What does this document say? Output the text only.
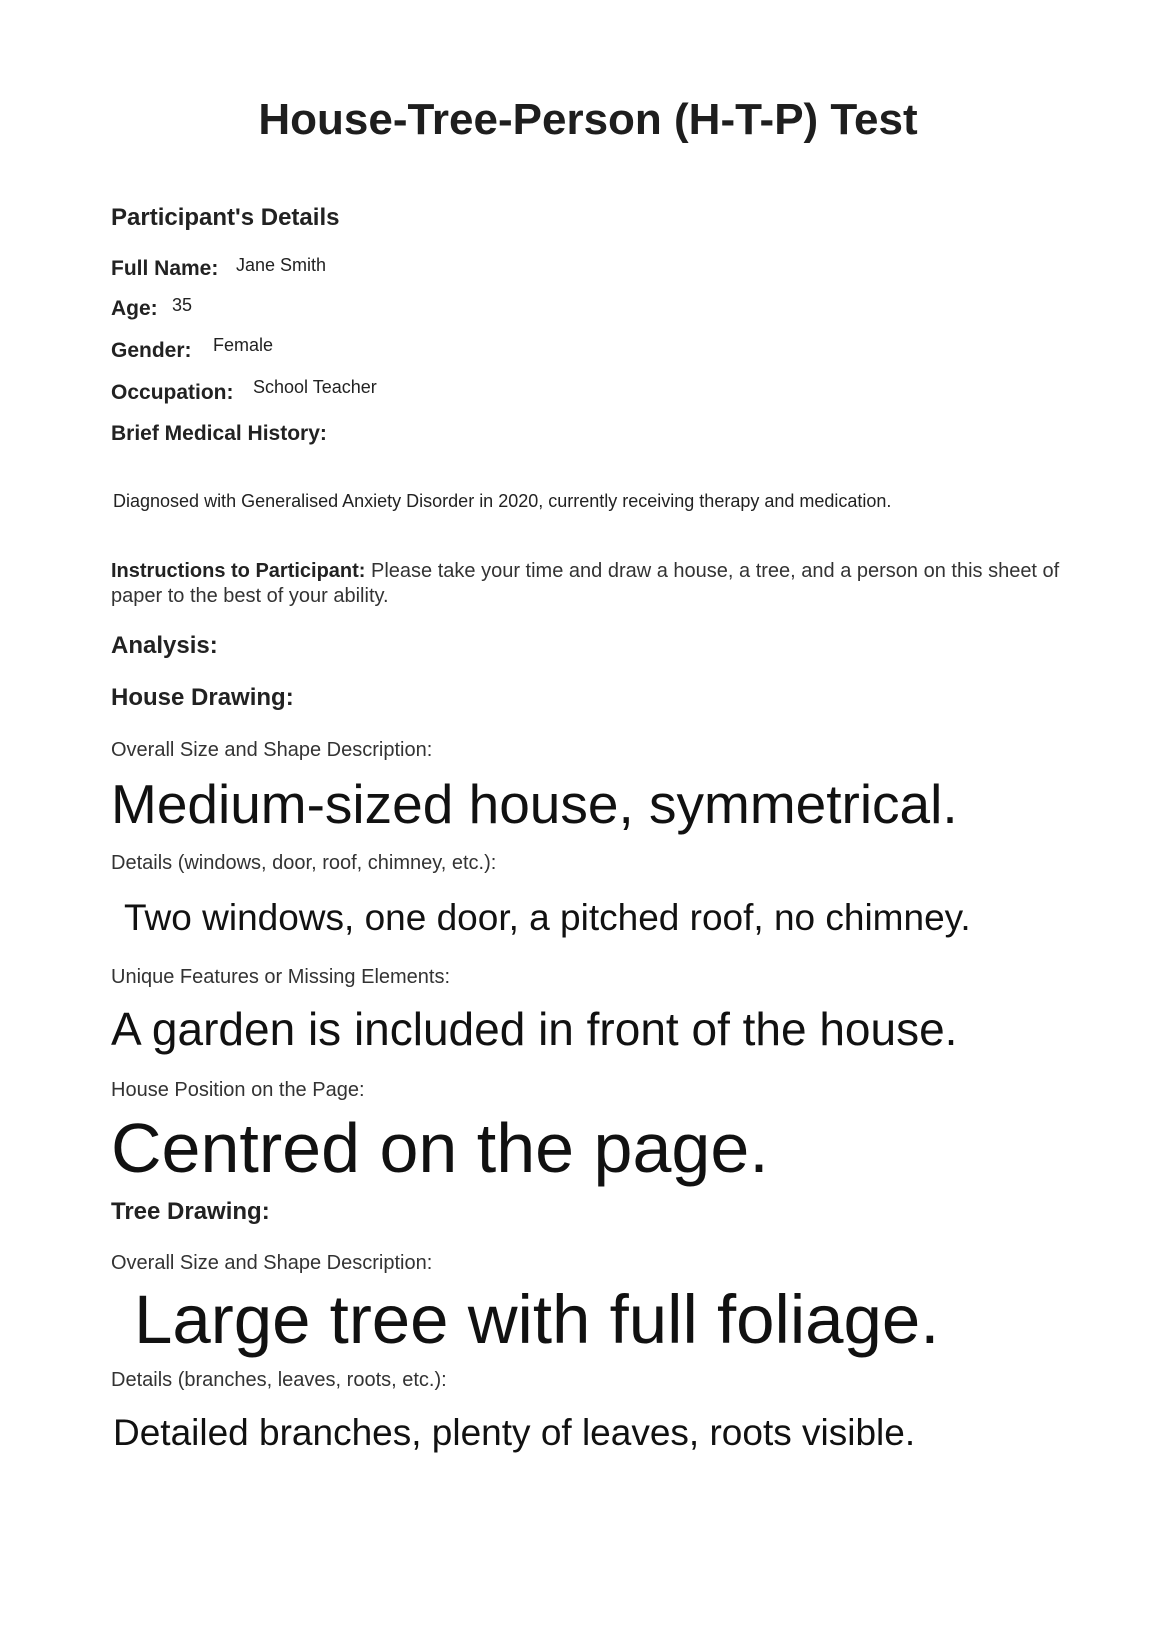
House-Tree-Person (H-T-P) Test
Participant's Details
Full Name: Jane Smith
Age: 35
Gender: Female
Occupation: School Teacher
Brief Medical History:
Diagnosed with Generalised Anxiety Disorder in 2020, currently receiving therapy and medication.
Instructions to Participant: Please take your time and draw a house, a tree, and a person on this sheet of paper to the best of your ability.
Analysis:
House Drawing:
Overall Size and Shape Description:
Medium-sized house, symmetrical.
Details (windows, door, roof, chimney, etc.):
Two windows, one door, a pitched roof, no chimney.
Unique Features or Missing Elements:
A garden is included in front of the house.
House Position on the Page:
Centred on the page.
Tree Drawing:
Overall Size and Shape Description:
Large tree with full foliage.
Details (branches, leaves, roots, etc.):
Detailed branches, plenty of leaves, roots visible.
